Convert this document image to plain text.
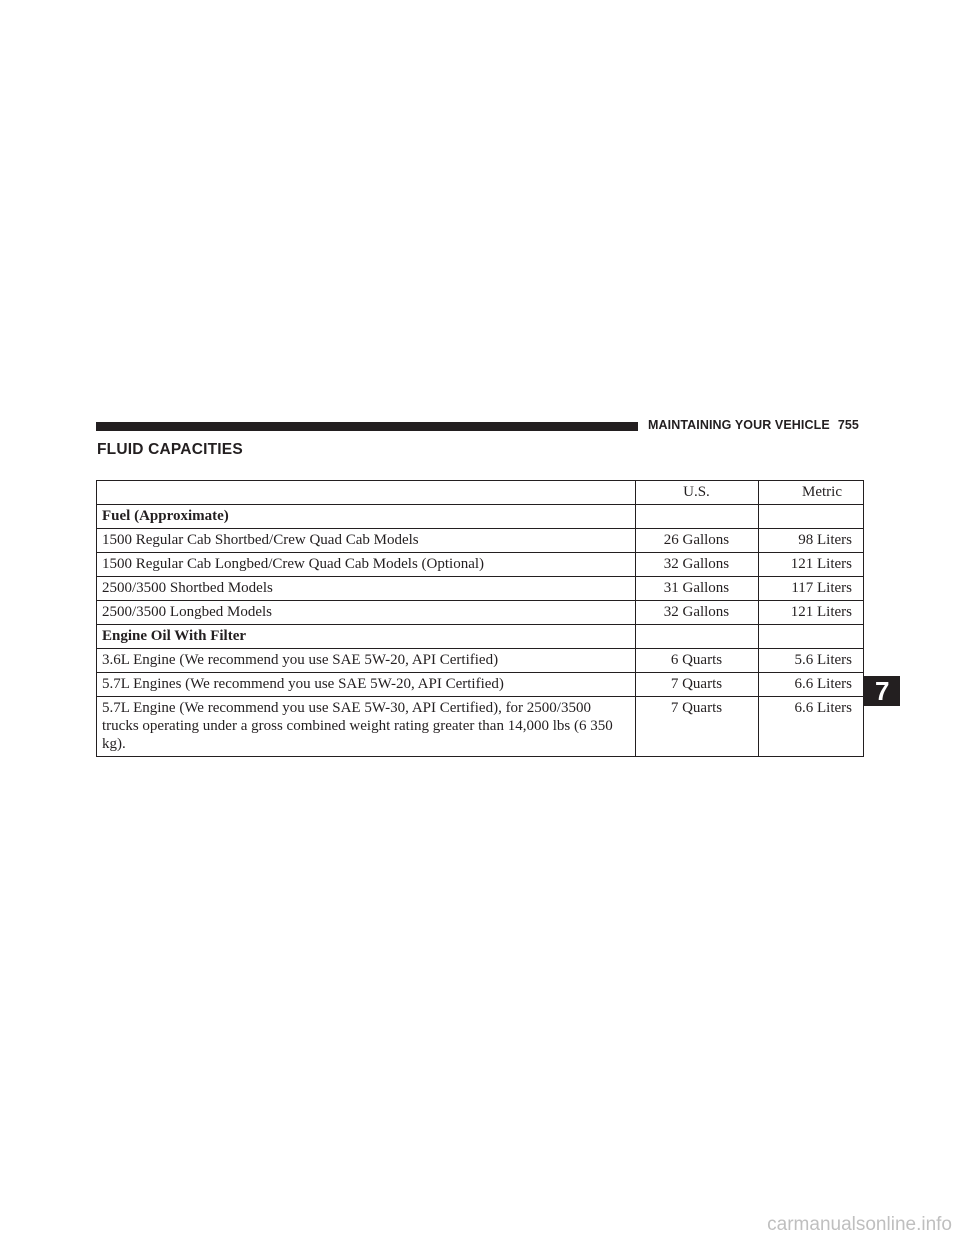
MAINTAINING YOUR VEHICLE 755
FLUID CAPACITIES
	U.S.	Metric
Fuel (Approximate)		
1500 Regular Cab Shortbed/Crew Quad Cab Models	26 Gallons	98 Liters
1500 Regular Cab Longbed/Crew Quad Cab Models (Optional)	32 Gallons	121 Liters
2500/3500 Shortbed Models	31 Gallons	117 Liters
2500/3500 Longbed Models	32 Gallons	121 Liters
Engine Oil With Filter		
3.6L Engine (We recommend you use SAE 5W-20, API Certified)	6 Quarts	5.6 Liters
5.7L Engines (We recommend you use SAE 5W-20, API Certified)	7 Quarts	6.6 Liters
5.7L Engine (We recommend you use SAE 5W-30, API Certified), for 2500/3500 trucks operating under a gross combined weight rating greater than 14,000 lbs (6 350 kg).	7 Quarts	6.6 Liters
7
carmanualsonline.info
